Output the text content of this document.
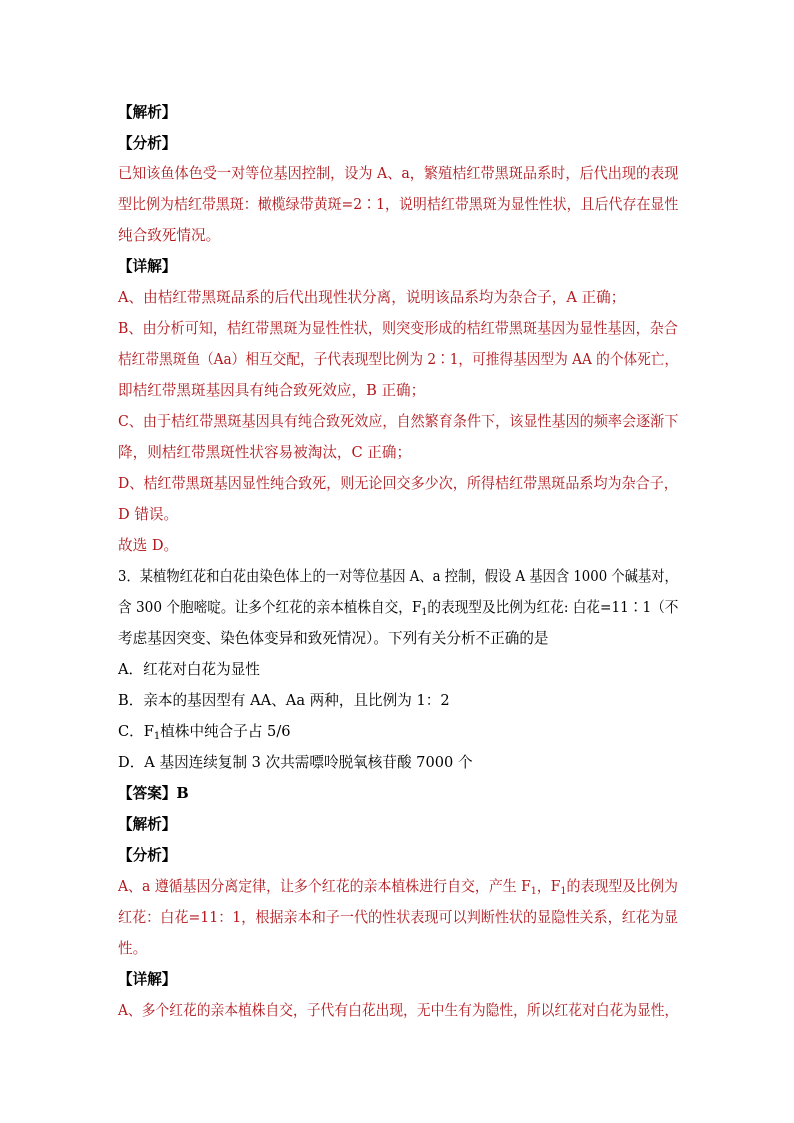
【解析】
【分析】
已知该鱼体色受一对等位基因控制，设为 A、a，繁殖桔红带黑斑品系时，后代出现的表现
型比例为桔红带黑斑：橄榄绿带黄斑=2∶1，说明桔红带黑斑为显性性状，且后代存在显性
纯合致死情况。
【详解】
A、由桔红带黑斑品系的后代出现性状分离，说明该品系均为杂合子，A 正确；
B、由分析可知，桔红带黑斑为显性性状，则突变形成的桔红带黑斑基因为显性基因，杂合
桔红带黑斑鱼（Aa）相互交配，子代表现型比例为 2∶1，可推得基因型为 AA 的个体死亡，
即桔红带黑斑基因具有纯合致死效应，B 正确；
C、由于桔红带黑斑基因具有纯合致死效应，自然繁育条件下，该显性基因的频率会逐渐下
降，则桔红带黑斑性状容易被淘汰，C 正确；
D、桔红带黑斑基因显性纯合致死，则无论回交多少次，所得桔红带黑斑品系均为杂合子，
D 错误。
故选 D。
3．某植物红花和白花由染色体上的一对等位基因 A、a 控制，假设 A 基因含 1000 个碱基对，
含 300 个胞嘧啶。让多个红花的亲本植株自交，$F_1$的表现型及比例为红花: 白花=11∶1（不
考虑基因突变、染色体变异和致死情况）。下列有关分析不正确的是
A．红花对白花为显性
B．亲本的基因型有 AA、Aa 两种，且比例为 1：2
C．$F_1$植株中纯合子占 5/6
D．A 基因连续复制 3 次共需嘌呤脱氧核苷酸 7000 个
【答案】B
【解析】
【分析】
A、a 遵循基因分离定律，让多个红花的亲本植株进行自交，产生 $F_1$，$F_1$的表现型及比例为
红花：白花=11：1，根据亲本和子一代的性状表现可以判断性状的显隐性关系，红花为显
性。
【详解】
A、多个红花的亲本植株自交，子代有白花出现，无中生有为隐性，所以红花对白花为显性，
